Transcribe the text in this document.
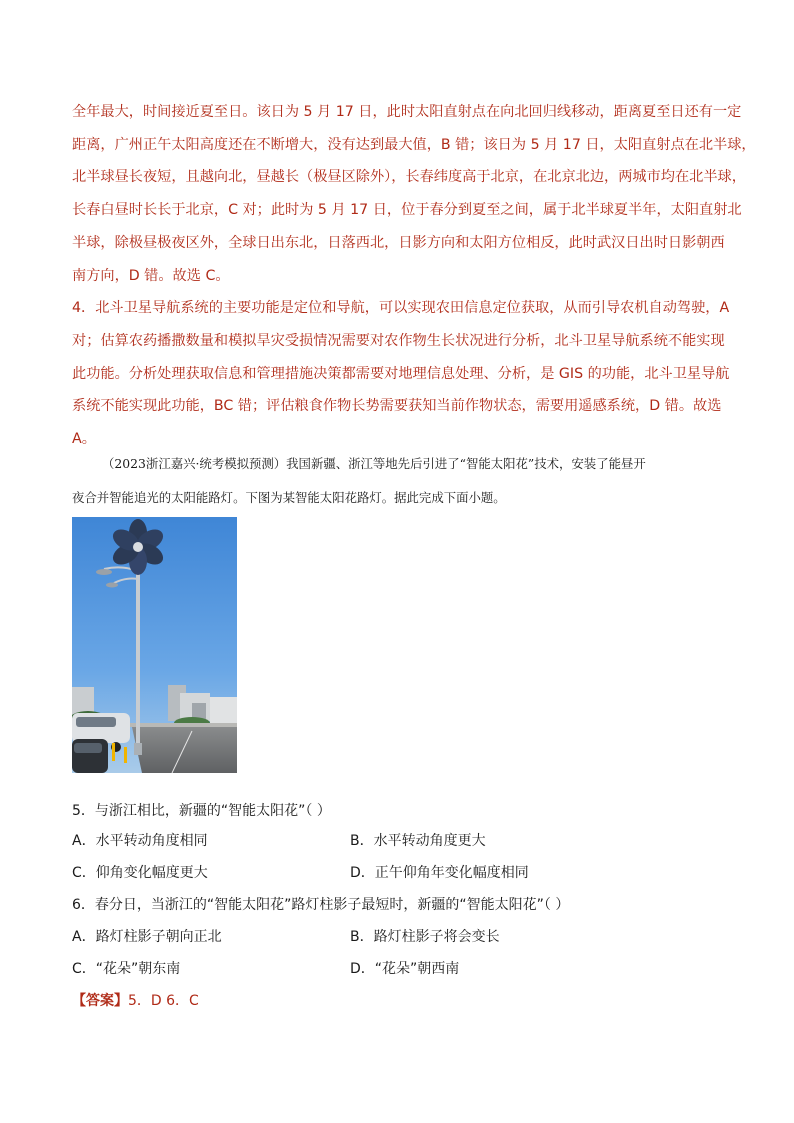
全年最大，时间接近夏至日。该日为 5 月 17 日，此时太阳直射点在向北回归线移动，距离夏至日还有一定

距离，广州正午太阳高度还在不断增大，没有达到最大值，B 错；该日为 5 月 17 日，太阳直射点在北半球，

北半球昼长夜短，且越向北，昼越长（极昼区除外），长春纬度高于北京，在北京北边，两城市均在北半球，

长春白昼时长长于北京，C 对；此时为 5 月 17 日，位于春分到夏至之间，属于北半球夏半年，太阳直射北

半球，除极昼极夜区外，全球日出东北，日落西北，日影方向和太阳方位相反，此时武汉日出时日影朝西

南方向，D 错。故选 C。

4．北斗卫星导航系统的主要功能是定位和导航，可以实现农田信息定位获取，从而引导农机自动驾驶，A

对；估算农药播撒数量和模拟旱灾受损情况需要对农作物生长状况进行分析，北斗卫星导航系统不能实现

此功能。分析处理获取信息和管理措施决策都需要对地理信息处理、分析，是 GIS 的功能，北斗卫星导航

系统不能实现此功能，BC 错；评估粮食作物长势需要获知当前作物状态，需要用遥感系统，D 错。故选

A。

（2023浙江嘉兴·统考模拟预测）我国新疆、浙江等地先后引进了“智能太阳花”技术，安装了能昼开

夜合并智能追光的太阳能路灯。下图为某智能太阳花路灯。据此完成下面小题。

5．与浙江相比，新疆的“智能太阳花”（ ）
A．水平转动角度相同	B．水平转动角度更大
C．仰角变化幅度更大	D．正午仰角年变化幅度相同
6．春分日，当浙江的“智能太阳花”路灯柱影子最短时，新疆的“智能太阳花”（ ）
A．路灯柱影子朝向正北	B．路灯柱影子将会变长
C．“花朵”朝东南	D．“花朵”朝西南
【答案】5．D 6．C
